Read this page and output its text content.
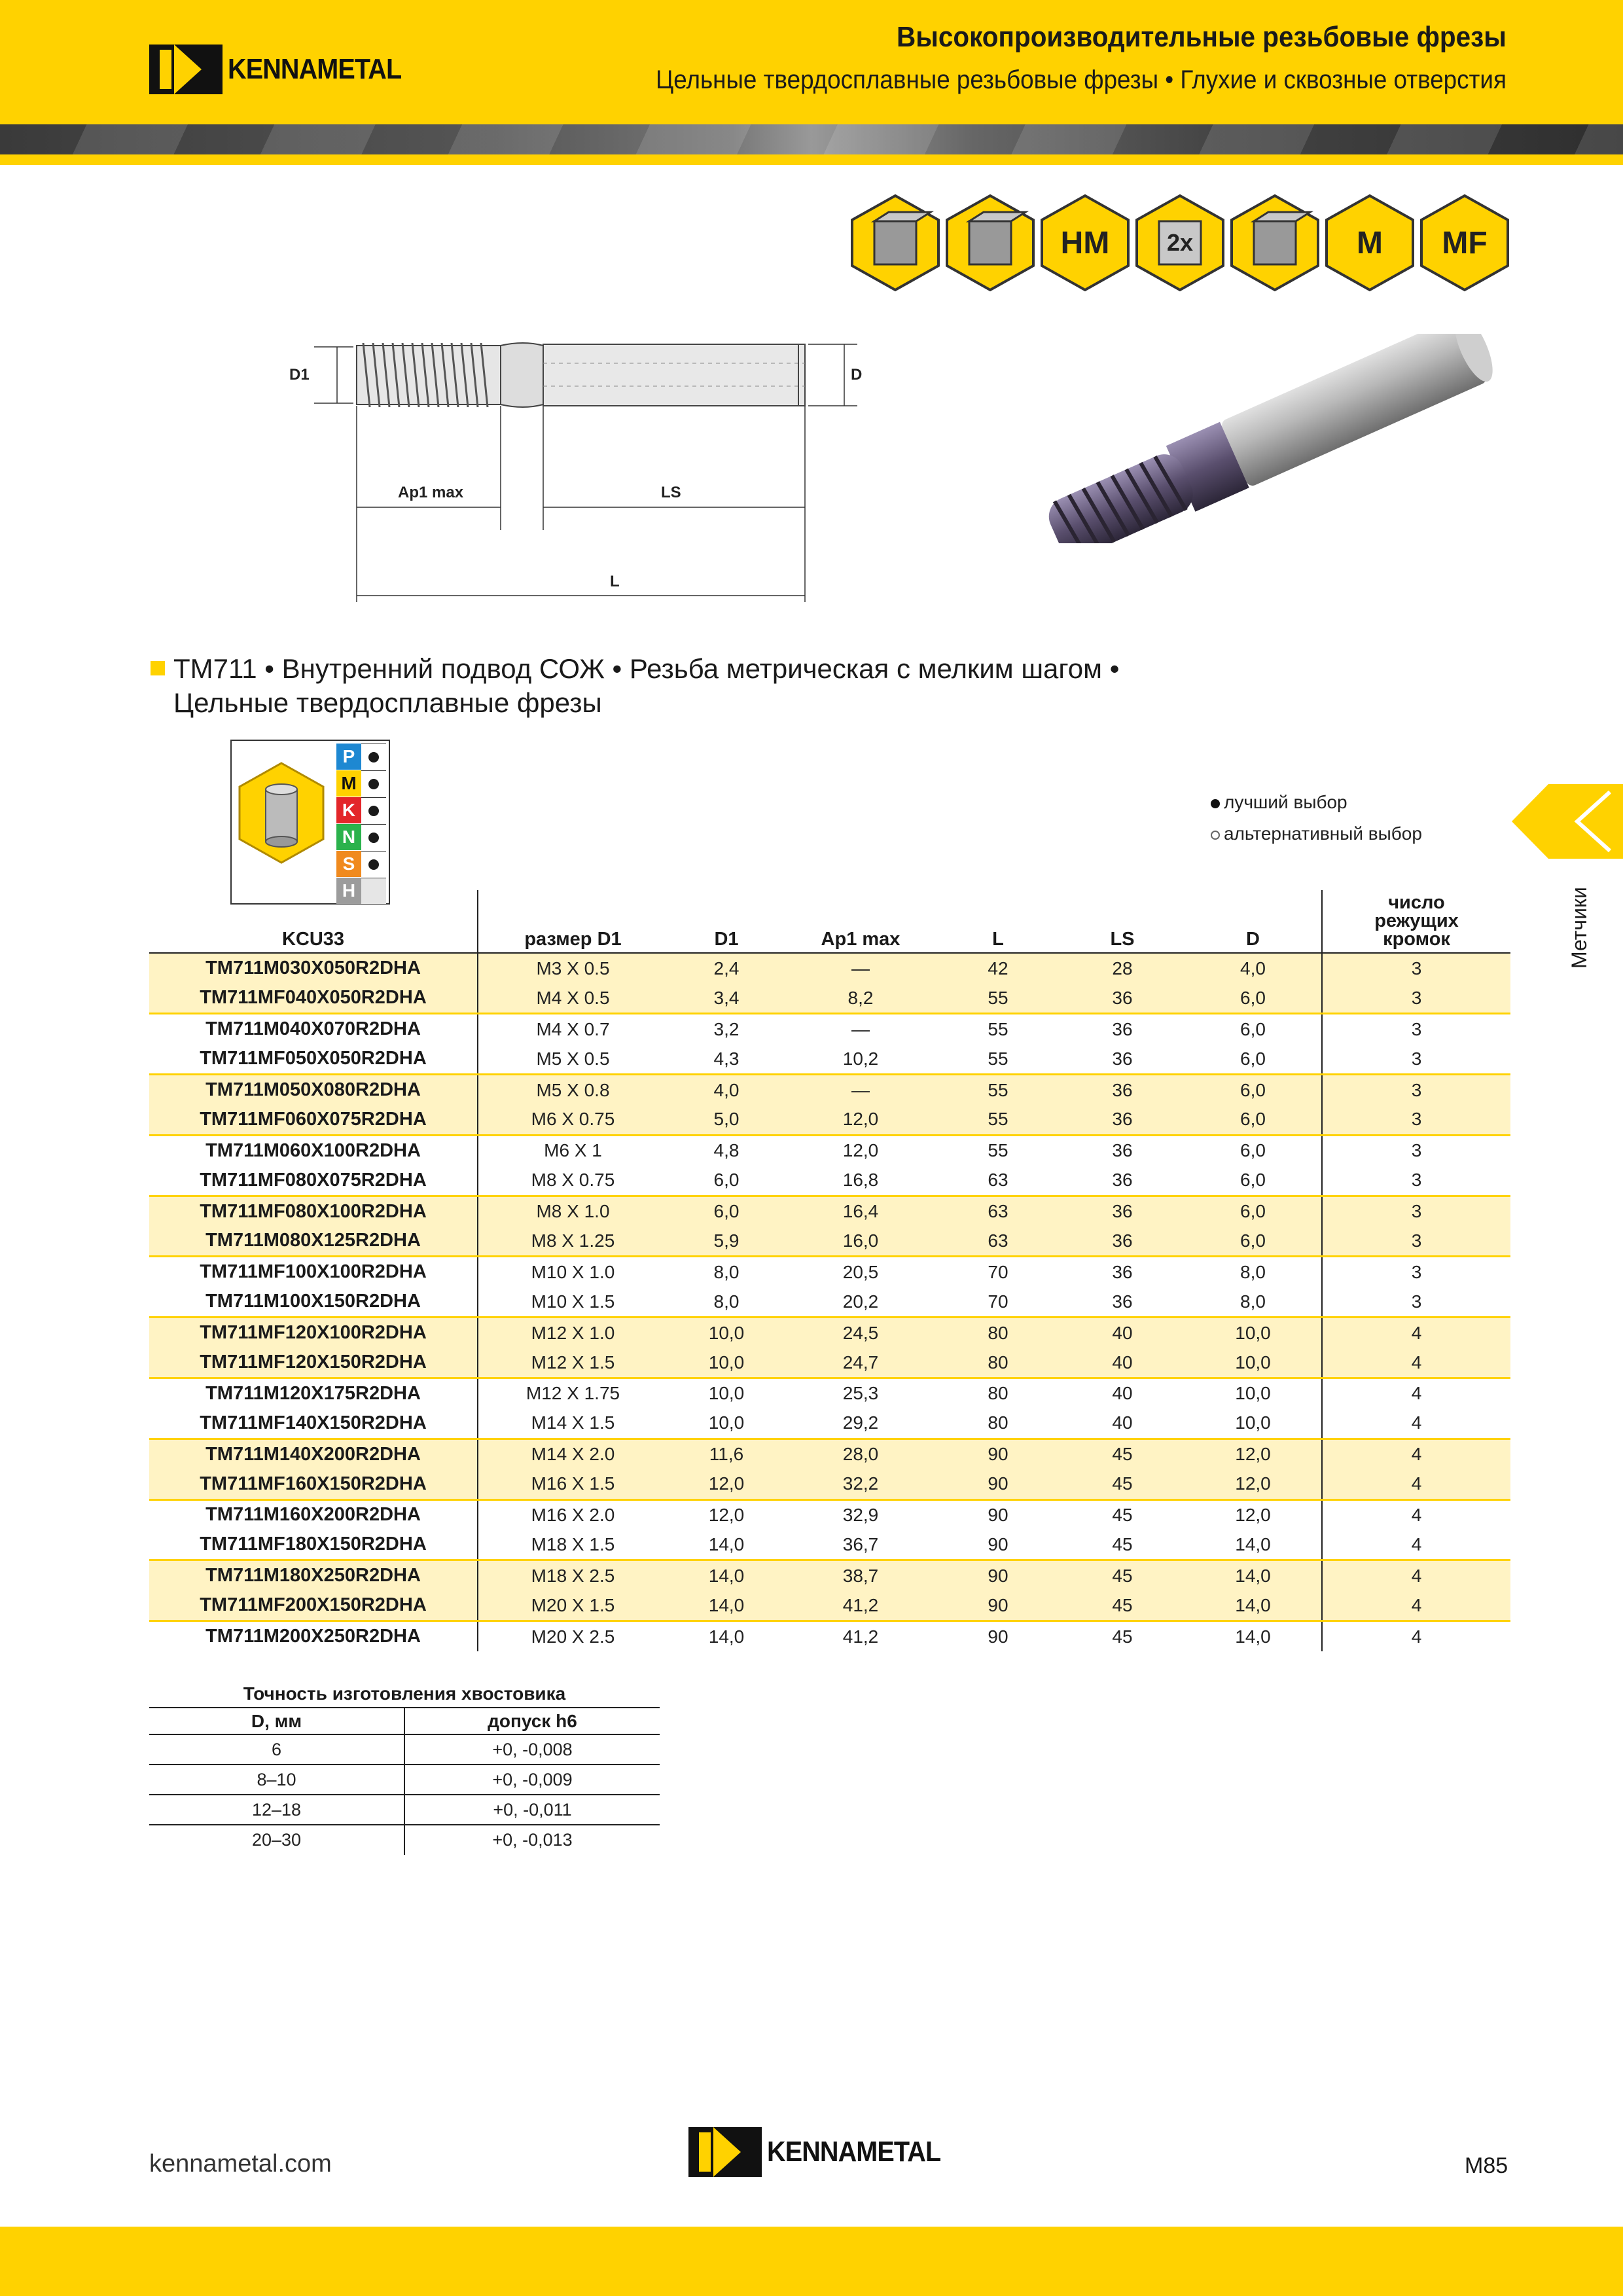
KENNAMETAL
Высокопроизводительные резьбовые фрезы
Цельные твердосплавные резьбовые фрезы • Глухие и сквозные отверстия
HM	2x	M	MF
D1	D
Ap1 max	LS
L
TM711 • Внутренний подвод СОЖ • Резьба метрическая с мелким шагом •
Цельные твердосплавные фрезы
P
M
K
N
S
H
лучший выбор
альтернативный выбор
Метчики
KCU33	размер D1	D1	Ap1 max	L	LS	D	число режущих кромок
TM711M030X050R2DHA	M3 X 0.5	2,4	—	42	28	4,0	3
TM711MF040X050R2DHA	M4 X 0.5	3,4	8,2	55	36	6,0	3
TM711M040X070R2DHA	M4 X 0.7	3,2	—	55	36	6,0	3
TM711MF050X050R2DHA	M5 X 0.5	4,3	10,2	55	36	6,0	3
TM711M050X080R2DHA	M5 X 0.8	4,0	—	55	36	6,0	3
TM711MF060X075R2DHA	M6 X 0.75	5,0	12,0	55	36	6,0	3
TM711M060X100R2DHA	M6 X 1	4,8	12,0	55	36	6,0	3
TM711MF080X075R2DHA	M8 X 0.75	6,0	16,8	63	36	6,0	3
TM711MF080X100R2DHA	M8 X 1.0	6,0	16,4	63	36	6,0	3
TM711M080X125R2DHA	M8 X 1.25	5,9	16,0	63	36	6,0	3
TM711MF100X100R2DHA	M10 X 1.0	8,0	20,5	70	36	8,0	3
TM711M100X150R2DHA	M10 X 1.5	8,0	20,2	70	36	8,0	3
TM711MF120X100R2DHA	M12 X 1.0	10,0	24,5	80	40	10,0	4
TM711MF120X150R2DHA	M12 X 1.5	10,0	24,7	80	40	10,0	4
TM711M120X175R2DHA	M12 X 1.75	10,0	25,3	80	40	10,0	4
TM711MF140X150R2DHA	M14 X 1.5	10,0	29,2	80	40	10,0	4
TM711M140X200R2DHA	M14 X 2.0	11,6	28,0	90	45	12,0	4
TM711MF160X150R2DHA	M16 X 1.5	12,0	32,2	90	45	12,0	4
TM711M160X200R2DHA	M16 X 2.0	12,0	32,9	90	45	12,0	4
TM711MF180X150R2DHA	M18 X 1.5	14,0	36,7	90	45	14,0	4
TM711M180X250R2DHA	M18 X 2.5	14,0	38,7	90	45	14,0	4
TM711MF200X150R2DHA	M20 X 1.5	14,0	41,2	90	45	14,0	4
TM711M200X250R2DHA	M20 X 2.5	14,0	41,2	90	45	14,0	4
Точность изготовления хвостовика
D, мм	допуск h6
6	+0, -0,008
8–10	+0, -0,009
12–18	+0, -0,011
20–30	+0, -0,013
kennametal.com	KENNAMETAL	M85
